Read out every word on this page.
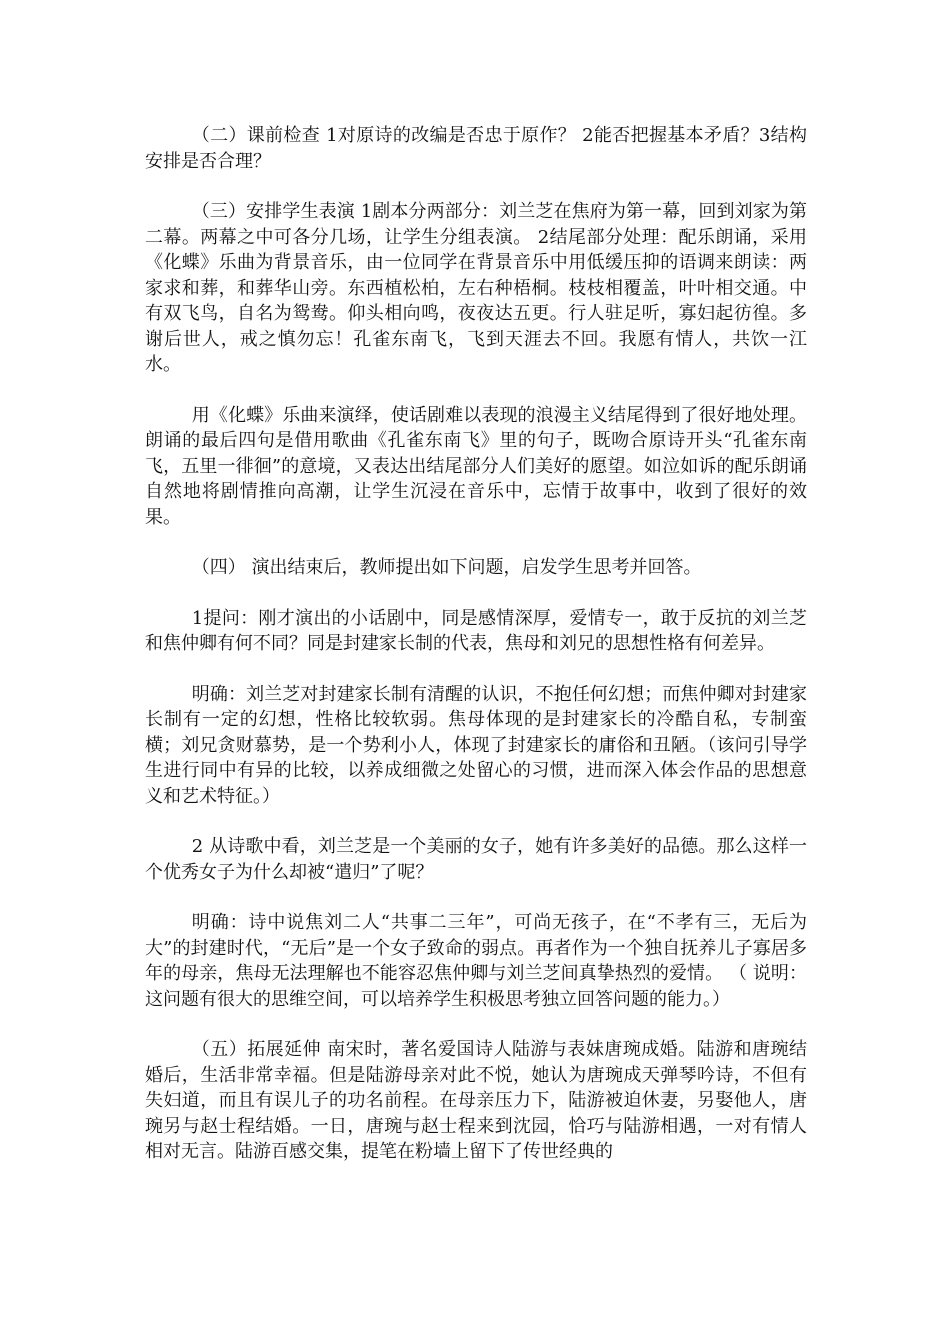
（二）课前检查 1对原诗的改编是否忠于原作？ 2能否把握基本矛盾？3结构安排是否合理？

（三）安排学生表演 1剧本分两部分：刘兰芝在焦府为第一幕，回到刘家为第二幕。两幕之中可各分几场，让学生分组表演。 2结尾部分处理：配乐朗诵，采用《化蝶》乐曲为背景音乐，由一位同学在背景音乐中用低缓压抑的语调来朗读：两家求和葬，和葬华山旁。东西植松柏，左右种梧桐。枝枝相覆盖，叶叶相交通。中有双飞鸟，自名为鸳鸯。仰头相向鸣，夜夜达五更。行人驻足听，寡妇起彷徨。多谢后世人，戒之慎勿忘！孔雀东南飞，飞到天涯去不回。我愿有情人，共饮一江水。

用《化蝶》乐曲来演绎，使话剧难以表现的浪漫主义结尾得到了很好地处理。朗诵的最后四句是借用歌曲《孔雀东南飞》里的句子，既吻合原诗开头“孔雀东南飞，五里一徘徊”的意境，又表达出结尾部分人们美好的愿望。如泣如诉的配乐朗诵自然地将剧情推向高潮，让学生沉浸在音乐中，忘情于故事中，收到了很好的效果。

（四） 演出结束后，教师提出如下问题，启发学生思考并回答。

1提问：刚才演出的小话剧中，同是感情深厚，爱情专一，敢于反抗的刘兰芝和焦仲卿有何不同？同是封建家长制的代表，焦母和刘兄的思想性格有何差异。

明确：刘兰芝对封建家长制有清醒的认识，不抱任何幻想；而焦仲卿对封建家长制有一定的幻想，性格比较软弱。焦母体现的是封建家长的冷酷自私，专制蛮横；刘兄贪财慕势，是一个势利小人，体现了封建家长的庸俗和丑陋。（该问引导学生进行同中有异的比较，以养成细微之处留心的习惯，进而深入体会作品的思想意义和艺术特征。）

2 从诗歌中看，刘兰芝是一个美丽的女子，她有许多美好的品德。那么这样一个优秀女子为什么却被“遣归”了呢？

明确：诗中说焦刘二人“共事二三年”，可尚无孩子，在“不孝有三，无后为大”的封建时代，“无后”是一个女子致命的弱点。再者作为一个独自抚养儿子寡居多年的母亲，焦母无法理解也不能容忍焦仲卿与刘兰芝间真挚热烈的爱情。 （ 说明：这问题有很大的思维空间，可以培养学生积极思考独立回答问题的能力。）

（五）拓展延伸 南宋时，著名爱国诗人陆游与表妹唐琬成婚。陆游和唐琬结婚后，生活非常幸福。但是陆游母亲对此不悦，她认为唐琬成天弹琴吟诗，不但有失妇道，而且有误儿子的功名前程。在母亲压力下，陆游被迫休妻，另娶他人，唐琬另与赵士程结婚。一日，唐琬与赵士程来到沈园，恰巧与陆游相遇，一对有情人相对无言。陆游百感交集，提笔在粉墙上留下了传世经典的
